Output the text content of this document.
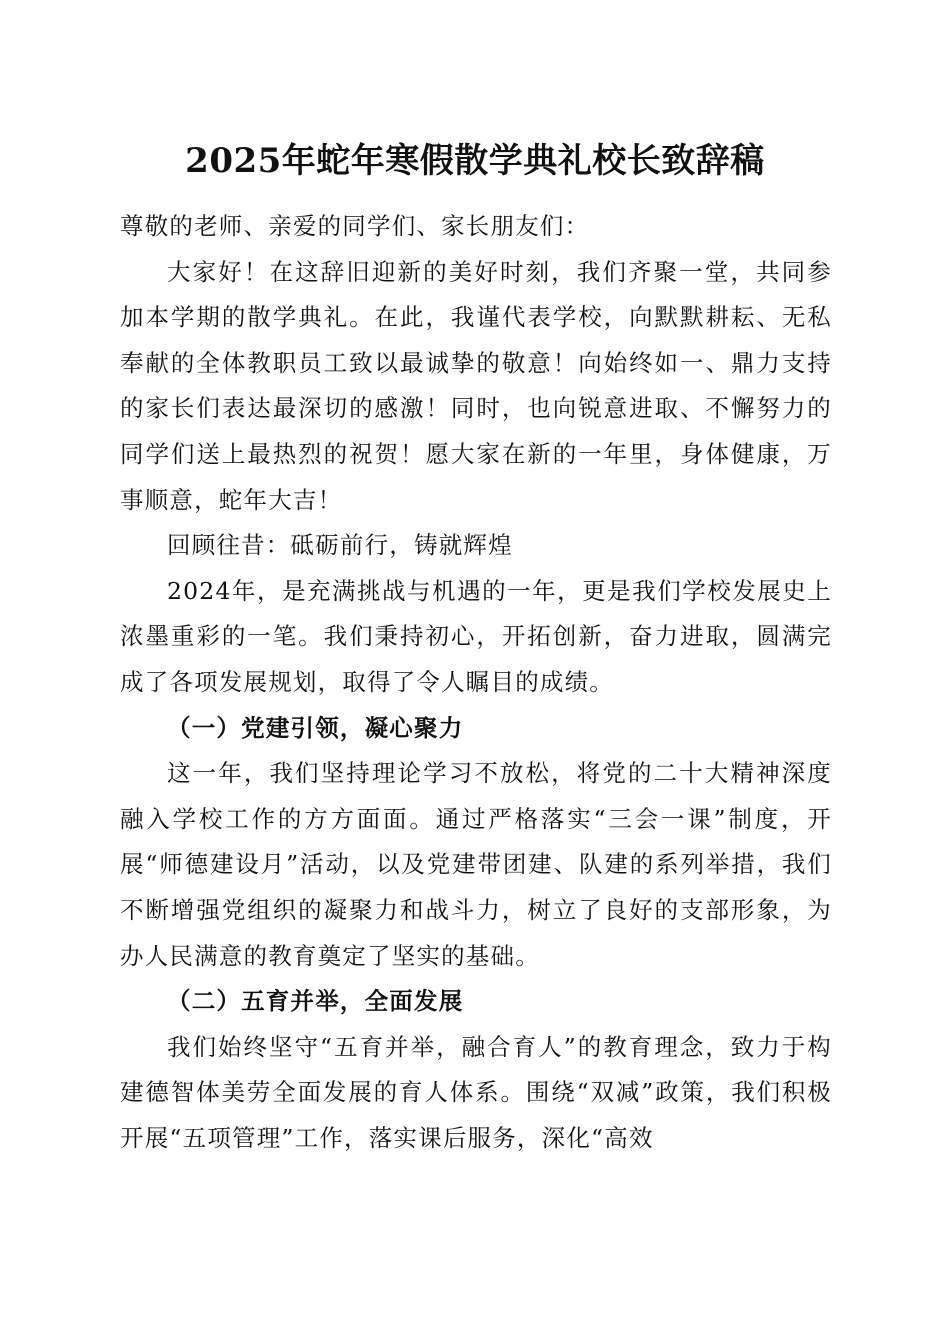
2025年蛇年寒假散学典礼校长致辞稿

尊敬的老师、亲爱的同学们、家长朋友们：

大家好！在这辞旧迎新的美好时刻，我们齐聚一堂，共同参加本学期的散学典礼。在此，我谨代表学校，向默默耕耘、无私奉献的全体教职员工致以最诚挚的敬意！向始终如一、鼎力支持的家长们表达最深切的感激！同时，也向锐意进取、不懈努力的同学们送上最热烈的祝贺！愿大家在新的一年里，身体健康，万事顺意，蛇年大吉！

回顾往昔：砥砺前行，铸就辉煌

2024年，是充满挑战与机遇的一年，更是我们学校发展史上浓墨重彩的一笔。我们秉持初心，开拓创新，奋力进取，圆满完成了各项发展规划，取得了令人瞩目的成绩。

（一）党建引领，凝心聚力

这一年，我们坚持理论学习不放松，将党的二十大精神深度融入学校工作的方方面面。通过严格落实“三会一课”制度，开展“师德建设月”活动，以及党建带团建、队建的系列举措，我们不断增强党组织的凝聚力和战斗力，树立了良好的支部形象，为办人民满意的教育奠定了坚实的基础。

（二）五育并举，全面发展

我们始终坚守“五育并举，融合育人”的教育理念，致力于构建德智体美劳全面发展的育人体系。围绕“双减”政策，我们积极开展“五项管理”工作，落实课后服务，深化“高效
